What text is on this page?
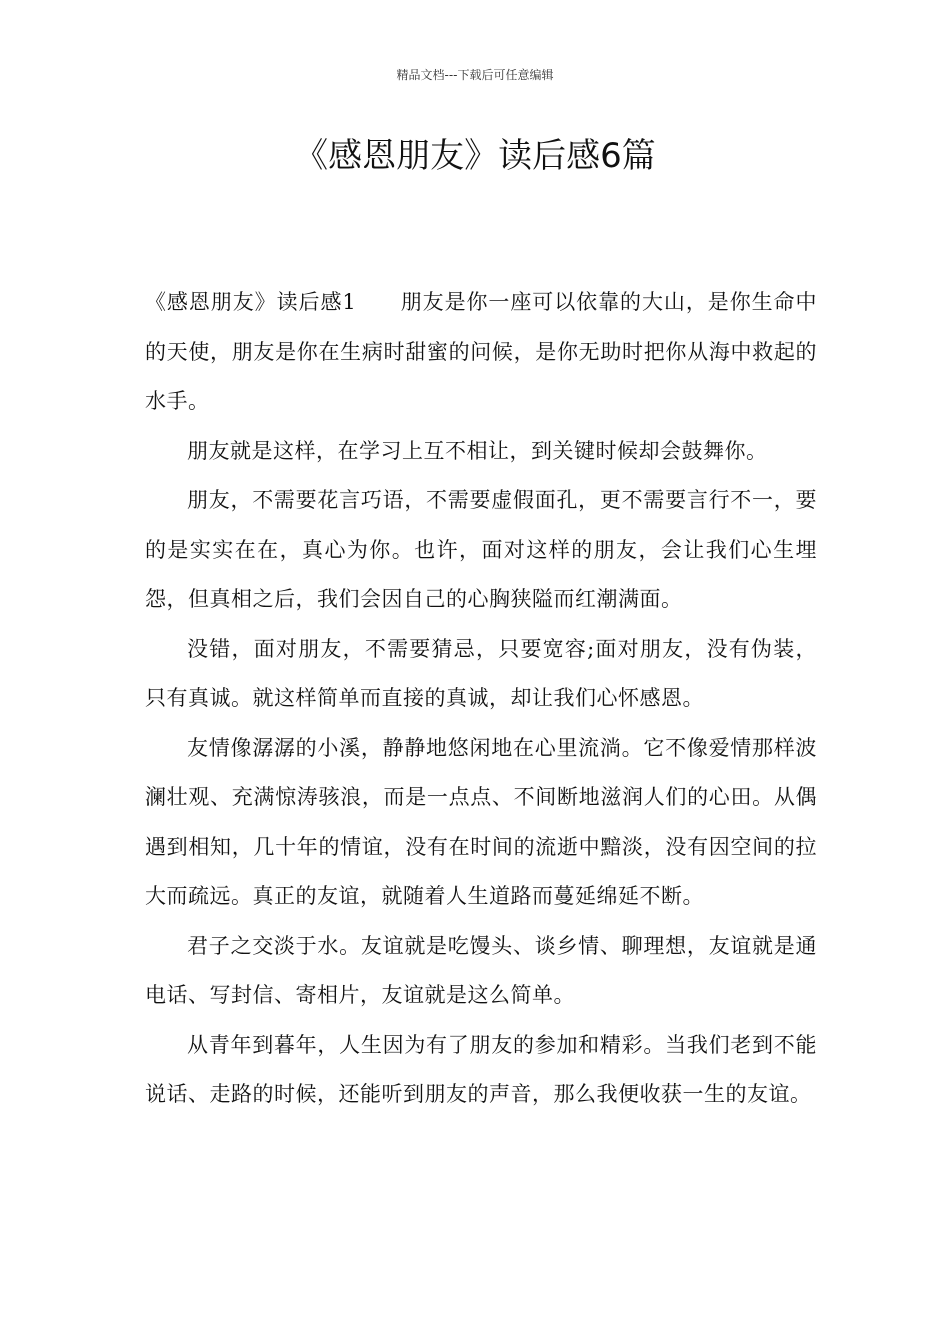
精品文档---下载后可任意编辑
《感恩朋友》读后感6篇

《感恩朋友》读后感1 朋友是你一座可以依靠的大山，是你生命中的天使，朋友是你在生病时甜蜜的问候，是你无助时把你从海中救起的水手。

朋友就是这样，在学习上互不相让，到关键时候却会鼓舞你。

朋友，不需要花言巧语，不需要虚假面孔，更不需要言行不一，要的是实实在在，真心为你。也许，面对这样的朋友，会让我们心生埋怨，但真相之后，我们会因自己的心胸狭隘而红潮满面。

没错，面对朋友，不需要猜忌，只要宽容;面对朋友，没有伪装，只有真诚。就这样简单而直接的真诚，却让我们心怀感恩。

友情像潺潺的小溪，静静地悠闲地在心里流淌。它不像爱情那样波澜壮观、充满惊涛骇浪，而是一点点、不间断地滋润人们的心田。从偶遇到相知，几十年的情谊，没有在时间的流逝中黯淡，没有因空间的拉大而疏远。真正的友谊，就随着人生道路而蔓延绵延不断。

君子之交淡于水。友谊就是吃馒头、谈乡情、聊理想，友谊就是通电话、写封信、寄相片，友谊就是这么简单。

从青年到暮年，人生因为有了朋友的参加和精彩。当我们老到不能说话、走路的时候，还能听到朋友的声音，那么我便收获一生的友谊。
